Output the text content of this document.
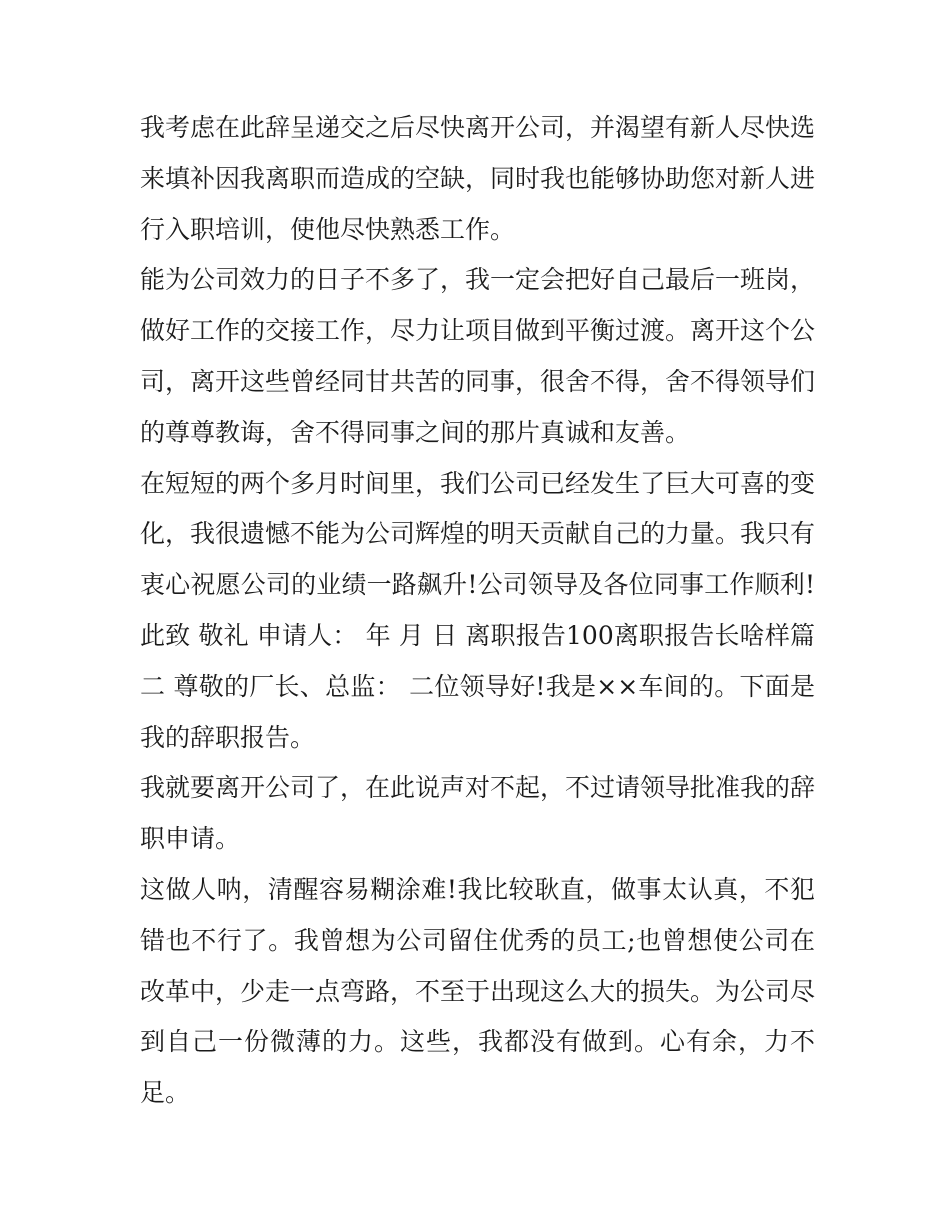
我考虑在此辞呈递交之后尽快离开公司，并渴望有新人尽快选来填补因我离职而造成的空缺，同时我也能够协助您对新人进行入职培训，使他尽快熟悉工作。

能为公司效力的日子不多了，我一定会把好自己最后一班岗，做好工作的交接工作，尽力让项目做到平衡过渡。离开这个公司，离开这些曾经同甘共苦的同事，很舍不得，舍不得领导们的尊尊教诲，舍不得同事之间的那片真诚和友善。

在短短的两个多月时间里，我们公司已经发生了巨大可喜的变化，我很遗憾不能为公司辉煌的明天贡献自己的力量。我只有衷心祝愿公司的业绩一路飙升!公司领导及各位同事工作顺利! 此致 敬礼 申请人： 年 月 日 离职报告100离职报告长啥样篇二 尊敬的厂长、总监： 二位领导好!我是××车间的。下面是我的辞职报告。

我就要离开公司了，在此说声对不起，不过请领导批准我的辞职申请。

这做人呐，清醒容易糊涂难!我比较耿直，做事太认真，不犯错也不行了。我曾想为公司留住优秀的员工;也曾想使公司在改革中，少走一点弯路，不至于出现这么大的损失。为公司尽到自己一份微薄的力。这些，我都没有做到。心有余，力不足。
